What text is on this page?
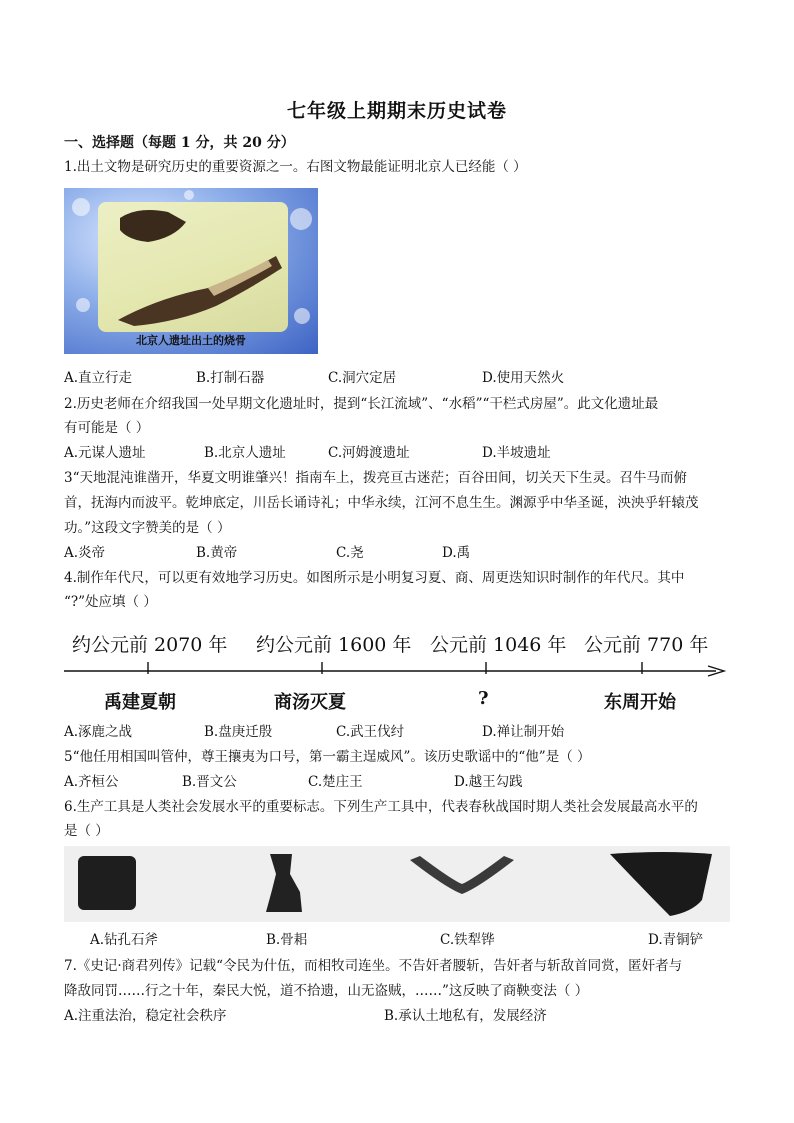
七年级上期期末历史试卷
一、选择题（每题 1 分，共 20 分）
1.出土文物是研究历史的重要资源之一。右图文物最能证明北京人已经能（ ）
北京人遗址出土的烧骨
A.直立行走	B.打制石器	C.洞穴定居	D.使用天然火
2.历史老师在介绍我国一处早期文化遗址时，提到“长江流域”、“水稻”“干栏式房屋”。此文化遗址最
有可能是（ ）
A.元谋人遗址	B.北京人遗址	C.河姆渡遗址	D.半坡遗址
3“天地混沌谁凿开，华夏文明谁肇兴！指南车上，拨亮亘古迷茫；百谷田间，切关天下生灵。召牛马而俯
首，抚海内而波平。乾坤底定，川岳长诵诗礼；中华永续，江河不息生生。渊源乎中华圣诞，泱泱乎轩辕茂
功。”这段文字赞美的是（ ）
A.炎帝	B.黄帝	C.尧	D.禹
4.制作年代尺，可以更有效地学习历史。如图所示是小明复习夏、商、周更迭知识时制作的年代尺。其中
“?”处应填（ ）
约公元前 2070 年 约公元前 1600 年 公元前 1046 年 公元前 770 年
禹建夏朝	商汤灭夏	?	东周开始
A.涿鹿之战	B.盘庚迁殷	C.武王伐纣	D.禅让制开始
5“他任用相国叫管仲，尊王攘夷为口号，第一霸主逞威风”。该历史歌谣中的“他”是（ ）
A.齐桓公	B.晋文公	C.楚庄王	D.越王勾践
6.生产工具是人类社会发展水平的重要标志。下列生产工具中，代表春秋战国时期人类社会发展最高水平的
是（ ）
A.钻孔石斧	B.骨耜	C.铁犁铧	D.青铜铲
7.《史记·商君列传》记载“令民为什伍，而相牧司连坐。不告奸者腰斩，告奸者与斩敌首同赏，匿奸者与
降敌同罚……行之十年，秦民大悦，道不拾遗，山无盗贼，……”这反映了商鞅变法（ ）
A.注重法治，稳定社会秩序	B.承认土地私有，发展经济
